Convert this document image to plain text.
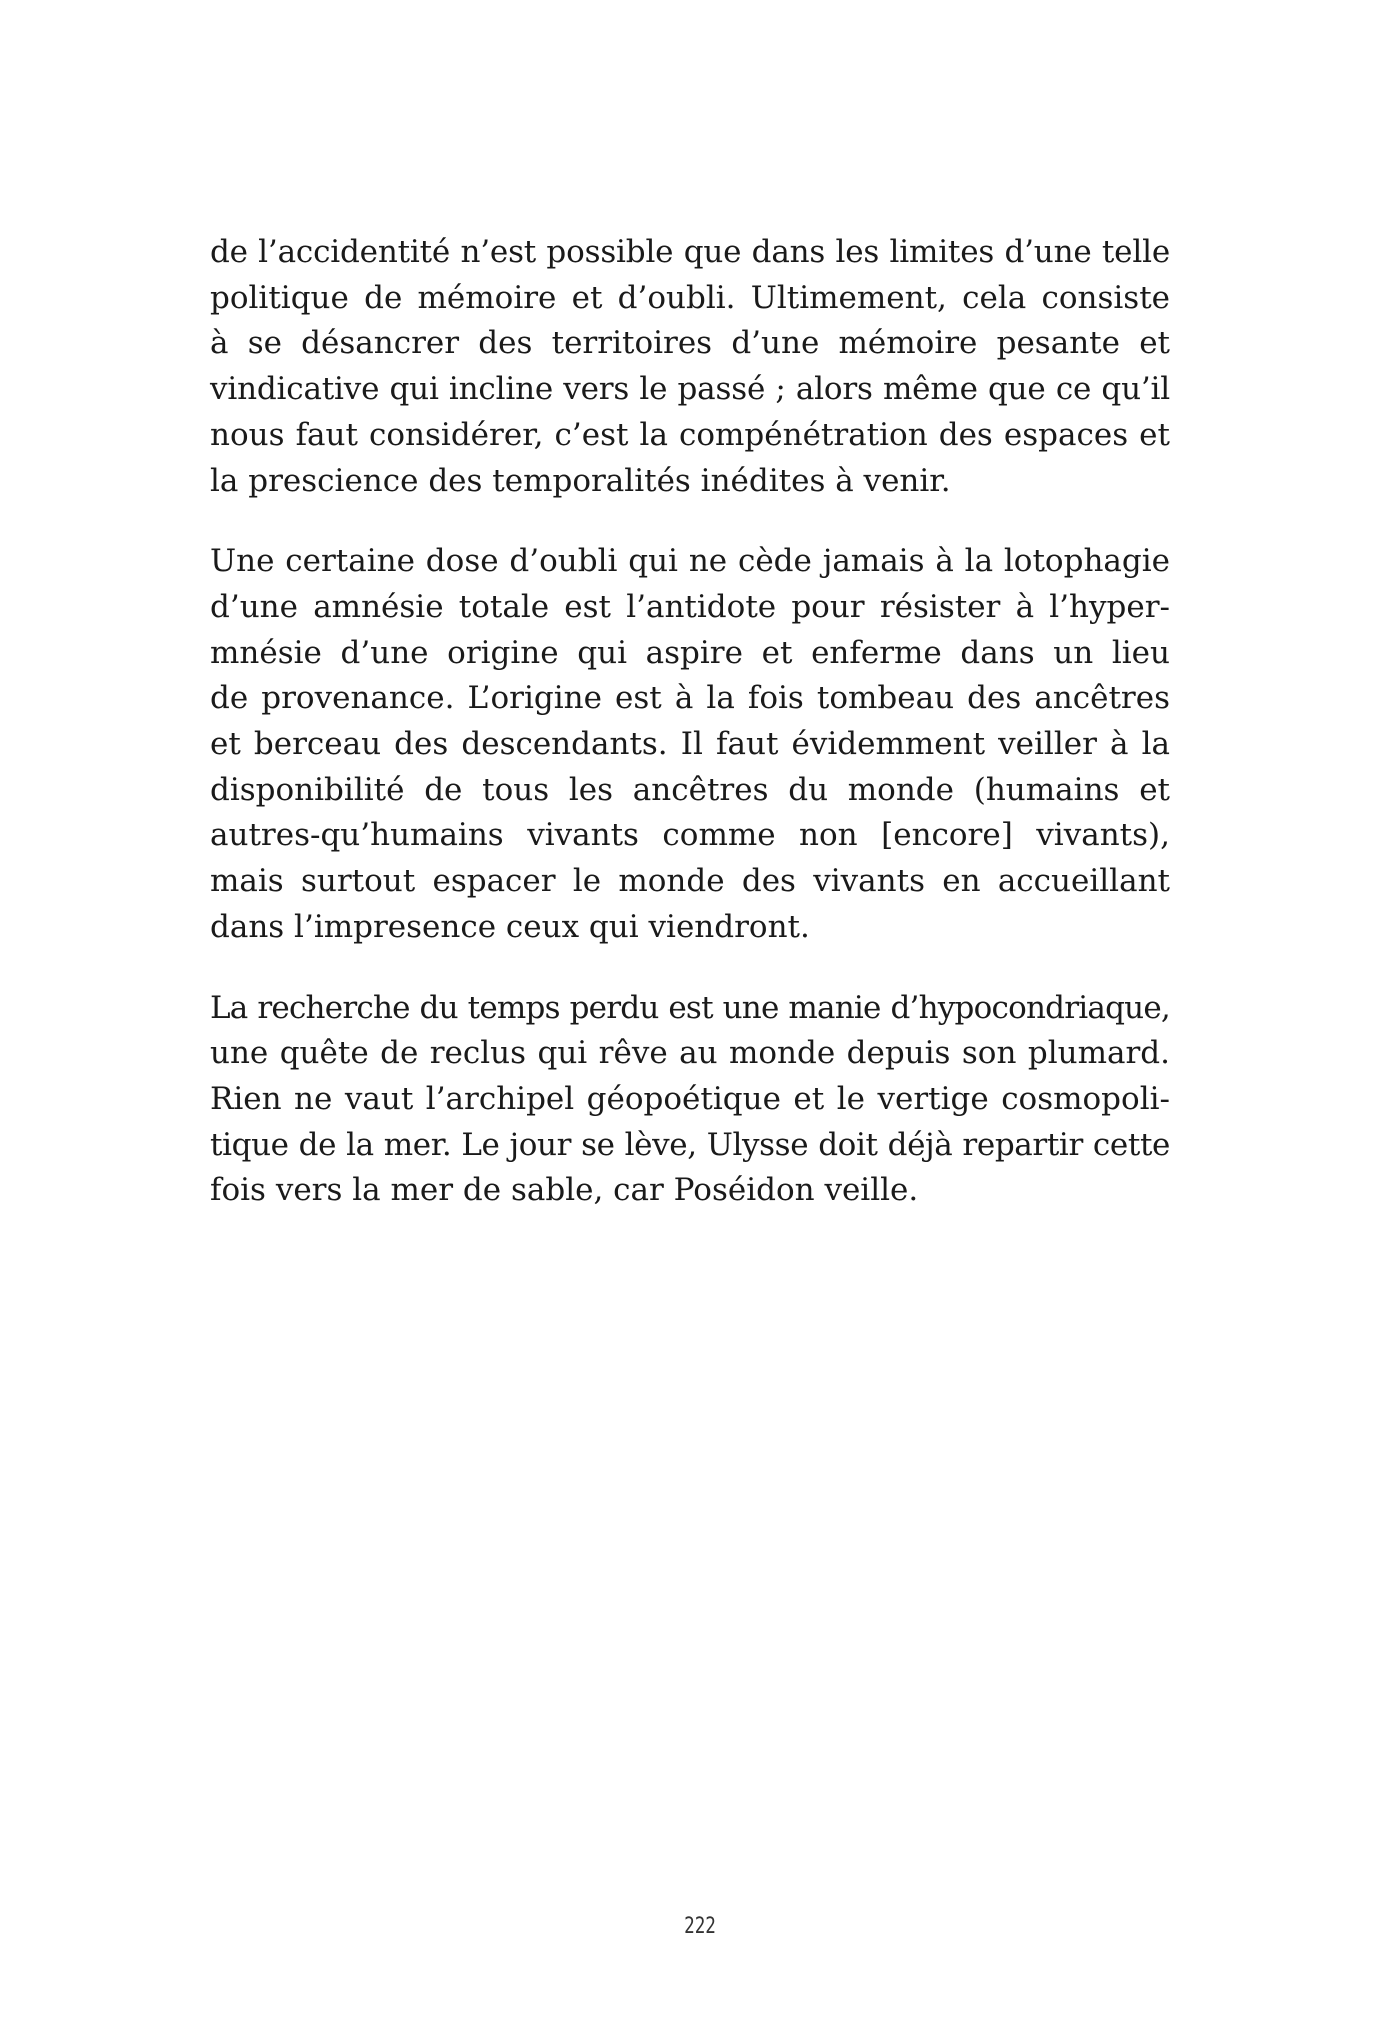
de l’accidentité n’est possible que dans les limites d’une telle
politique de mémoire et d’oubli. Ultimement, cela consiste
à se désancrer des territoires d’une mémoire pesante et
vindicative qui incline vers le passé ; alors même que ce qu’il
nous faut considérer, c’est la compénétration des espaces et
la prescience des temporalités inédites à venir.

Une certaine dose d’oubli qui ne cède jamais à la lotophagie
d’une amnésie totale est l’antidote pour résister à l’hyper-
mnésie d’une origine qui aspire et enferme dans un lieu
de provenance. L’origine est à la fois tombeau des ancêtres
et berceau des descendants. Il faut évidemment veiller à la
disponibilité de tous les ancêtres du monde (humains et
autres-qu’humains vivants comme non [encore] vivants),
mais surtout espacer le monde des vivants en accueillant
dans l’impresence ceux qui viendront.

La recherche du temps perdu est une manie d’hypocondriaque,
une quête de reclus qui rêve au monde depuis son plumard.
Rien ne vaut l’archipel géopoétique et le vertige cosmopoli-
tique de la mer. Le jour se lève, Ulysse doit déjà repartir cette
fois vers la mer de sable, car Poséidon veille.

222
